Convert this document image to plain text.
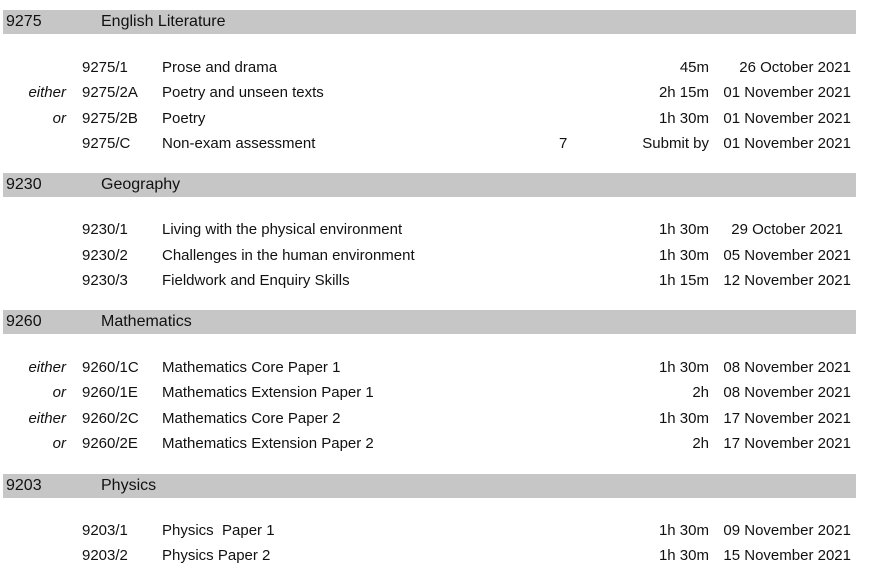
9275	English Literature
9275/1 Prose and drama	45m 26 October 2021
either 9275/2A Poetry and unseen texts	2h 15m 01 November 2021
or 9275/2B Poetry	1h 30m 01 November 2021
9275/C Non-exam assessment	7	Submit by 01 November 2021
9230	Geography
9230/1 Living with the physical environment	1h 30m 29 October 2021
9230/2 Challenges in the human environment	1h 30m 05 November 2021
9230/3 Fieldwork and Enquiry Skills	1h 15m 12 November 2021
9260	Mathematics
either 9260/1C Mathematics Core Paper 1	1h 30m 08 November 2021
or 9260/1E Mathematics Extension Paper 1	2h 08 November 2021
either 9260/2C Mathematics Core Paper 2	1h 30m 17 November 2021
or 9260/2E Mathematics Extension Paper 2	2h 17 November 2021
9203	Physics
9203/1 Physics  Paper 1	1h 30m 09 November 2021
9203/2 Physics Paper 2	1h 30m 15 November 2021
